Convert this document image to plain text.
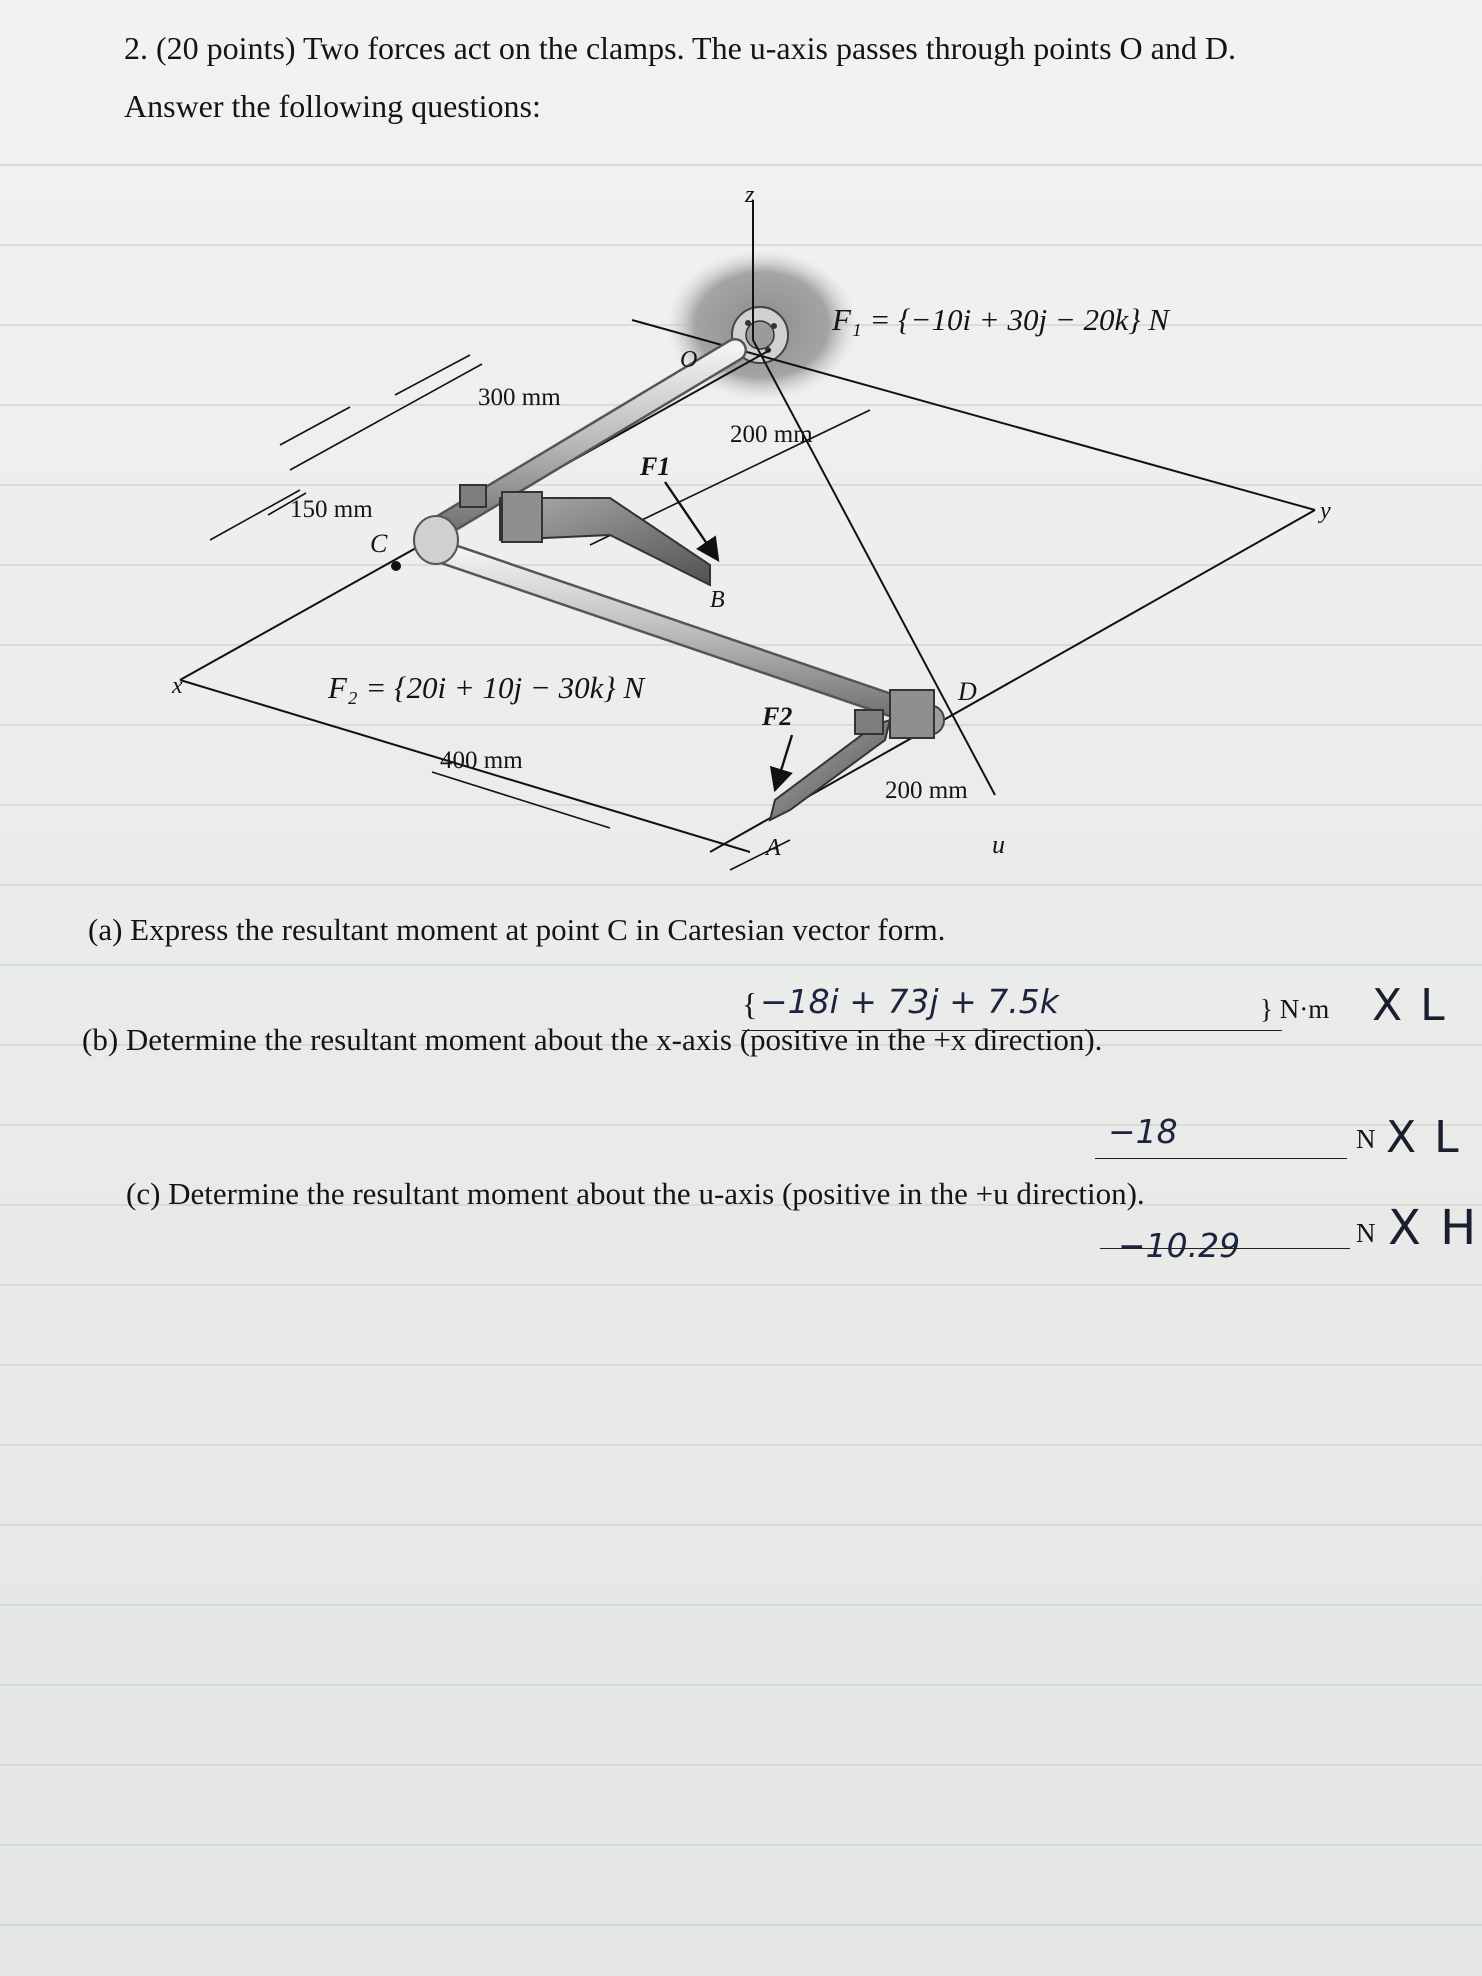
2. (20 points) Two forces act on the clamps. The u-axis passes through points O and D.
Answer the following questions:
z
y
x
u
O
B
C
D
A
F1
F2
F₁ = {−10i + 30j − 20k} N
F₂ = {20i + 10j − 30k} N
300 mm
200 mm
150 mm
400 mm
200 mm
(a) Express the resultant moment at point C in Cartesian vector form.
{ −18i + 73j + 7.5k	} N·m X L
(b) Determine the resultant moment about the x-axis (positive in the +x direction).
−18	N X L
(c) Determine the resultant moment about the u-axis (positive in the +u direction).
−10.29	N X H
